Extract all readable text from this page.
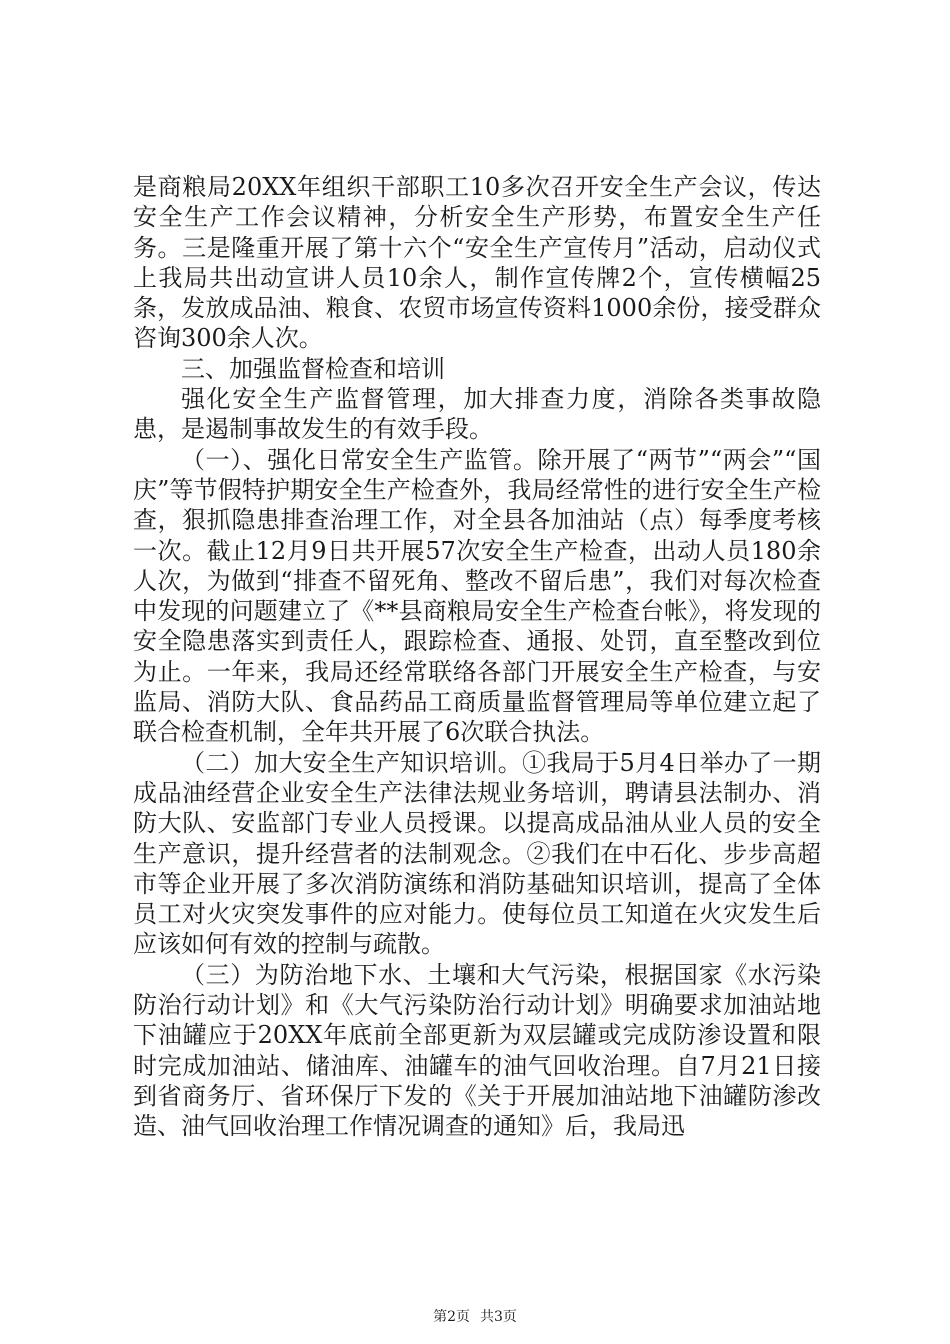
是商粮局20XX年组织干部职工10多次召开安全生产会议，传达安全生产工作会议精神，分析安全生产形势，布置安全生产任务。三是隆重开展了第十六个“安全生产宣传月”活动，启动仪式上我局共出动宣讲人员10余人，制作宣传牌2个，宣传横幅25条，发放成品油、粮食、农贸市场宣传资料1000余份，接受群众咨询300余人次。

三、加强监督检查和培训

强化安全生产监督管理，加大排查力度，消除各类事故隐患，是遏制事故发生的有效手段。

（一）、强化日常安全生产监管。除开展了“两节”“两会”“国庆”等节假特护期安全生产检查外，我局经常性的进行安全生产检查，狠抓隐患排查治理工作，对全县各加油站（点）每季度考核一次。截止12月9日共开展57次安全生产检查，出动人员180余人次，为做到“排查不留死角、整改不留后患”，我们对每次检查中发现的问题建立了《**县商粮局安全生产检查台帐》，将发现的安全隐患落实到责任人，跟踪检查、通报、处罚，直至整改到位为止。一年来，我局还经常联络各部门开展安全生产检查，与安监局、消防大队、食品药品工商质量监督管理局等单位建立起了联合检查机制，全年共开展了6次联合执法。

（二）加大安全生产知识培训。①我局于5月4日举办了一期成品油经营企业安全生产法律法规业务培训，聘请县法制办、消防大队、安监部门专业人员授课。以提高成品油从业人员的安全生产意识，提升经营者的法制观念。②我们在中石化、步步高超市等企业开展了多次消防演练和消防基础知识培训，提高了全体员工对火灾突发事件的应对能力。使每位员工知道在火灾发生后应该如何有效的控制与疏散。

（三）为防治地下水、土壤和大气污染，根据国家《水污染防治行动计划》和《大气污染防治行动计划》明确要求加油站地下油罐应于20XX年底前全部更新为双层罐或完成防渗设置和限时完成加油站、储油库、油罐车的油气回收治理。自7月21日接到省商务厅、省环保厅下发的《关于开展加油站地下油罐防渗改造、油气回收治理工作情况调查的通知》后，我局迅

第2页 共3页
